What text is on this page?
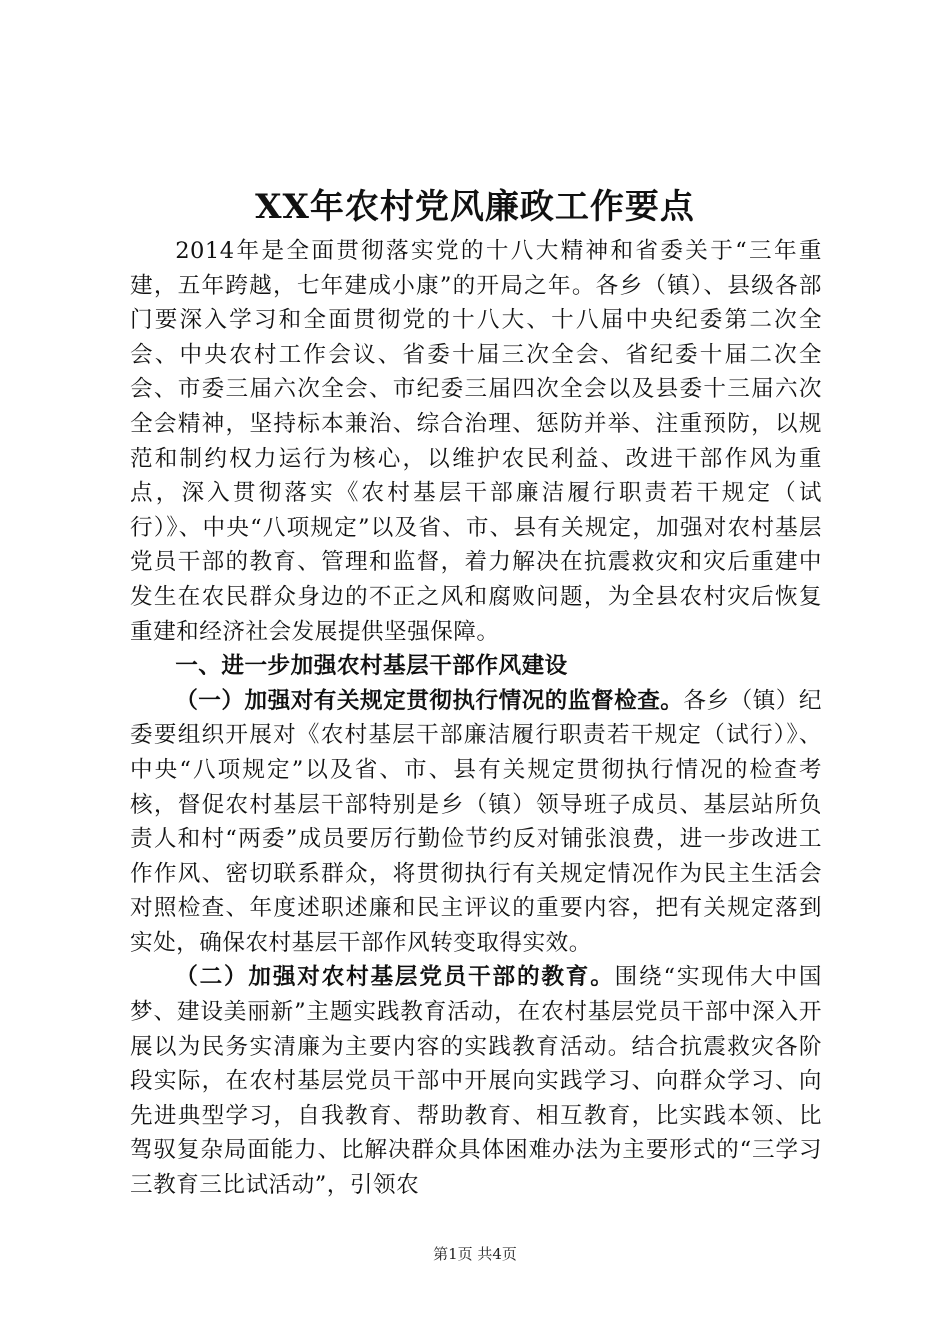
XX年农村党风廉政工作要点

2014年是全面贯彻落实党的十八大精神和省委关于“三年重建，五年跨越，七年建成小康”的开局之年。各乡（镇）、县级各部门要深入学习和全面贯彻党的十八大、十八届中央纪委第二次全会、中央农村工作会议、省委十届三次全会、省纪委十届二次全会、市委三届六次全会、市纪委三届四次全会以及县委十三届六次全会精神，坚持标本兼治、综合治理、惩防并举、注重预防，以规范和制约权力运行为核心，以维护农民利益、改进干部作风为重点，深入贯彻落实《农村基层干部廉洁履行职责若干规定（试行）》、中央“八项规定”以及省、市、县有关规定，加强对农村基层党员干部的教育、管理和监督，着力解决在抗震救灾和灾后重建中发生在农民群众身边的不正之风和腐败问题，为全县农村灾后恢复重建和经济社会发展提供坚强保障。

一、进一步加强农村基层干部作风建设

（一）加强对有关规定贯彻执行情况的监督检查。各乡（镇）纪委要组织开展对《农村基层干部廉洁履行职责若干规定（试行）》、中央“八项规定”以及省、市、县有关规定贯彻执行情况的检查考核，督促农村基层干部特别是乡（镇）领导班子成员、基层站所负责人和村“两委”成员要厉行勤俭节约反对铺张浪费，进一步改进工作作风、密切联系群众，将贯彻执行有关规定情况作为民主生活会对照检查、年度述职述廉和民主评议的重要内容，把有关规定落到实处，确保农村基层干部作风转变取得实效。

（二）加强对农村基层党员干部的教育。围绕“实现伟大中国梦、建设美丽新”主题实践教育活动，在农村基层党员干部中深入开展以为民务实清廉为主要内容的实践教育活动。结合抗震救灾各阶段实际，在农村基层党员干部中开展向实践学习、向群众学习、向先进典型学习，自我教育、帮助教育、相互教育，比实践本领、比驾驭复杂局面能力、比解决群众具体困难办法为主要形式的“三学习三教育三比试活动”，引领农

第1页 共4页
